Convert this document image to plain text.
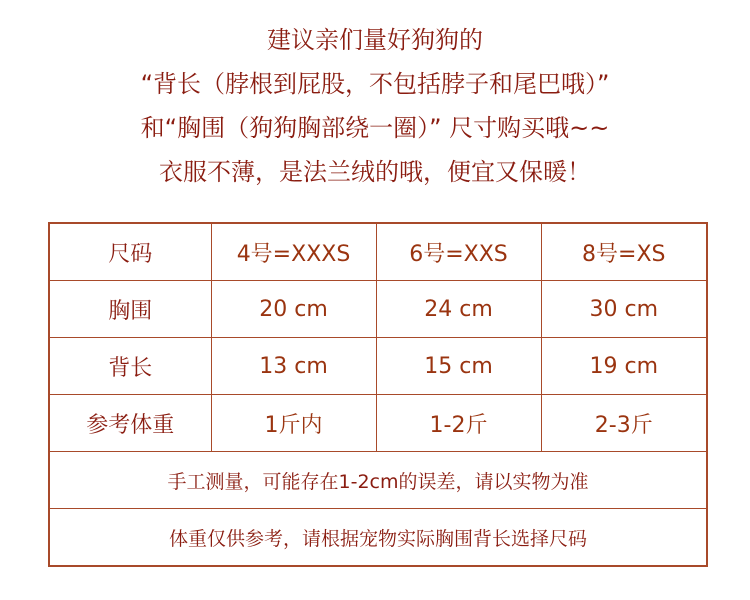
建议亲们量好狗狗的
“背长（脖根到屁股，不包括脖子和尾巴哦）”
和“胸围（狗狗胸部绕一圈）” 尺寸购买哦~~
衣服不薄，是法兰绒的哦，便宜又保暖！
尺码	4号=XXXS	6号=XXS	8号=XS
胸围	20 cm	24 cm	30 cm
背长	13 cm	15 cm	19 cm
参考体重	1斤内	1-2斤	2-3斤
手工测量，可能存在1-2cm的误差，请以实物为准			
体重仅供参考，请根据宠物实际胸围背长选择尺码			
